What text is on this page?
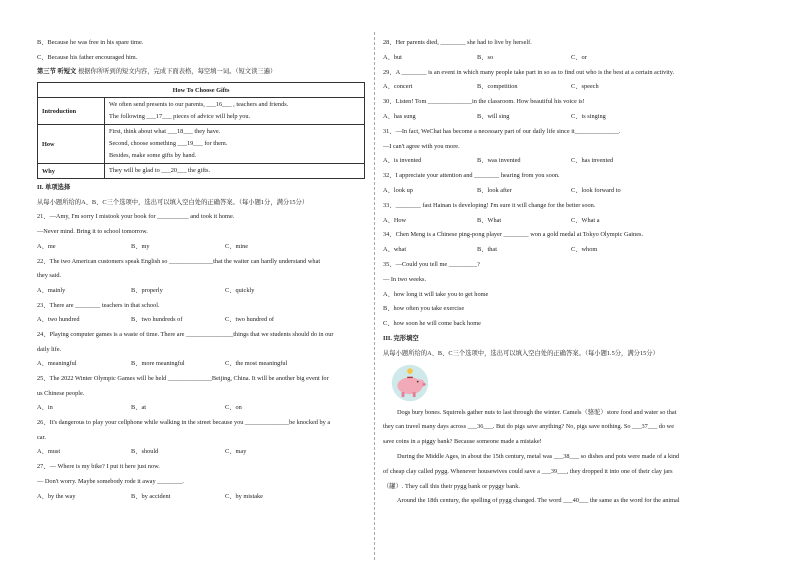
B、Because he was free in his spare time.
C、Because his father encouraged him.
第三节 听短文 根据你所听到的短文内容，完成下面表格，每空填一词。（短文读三遍）
How To Choose Gifts	
Introduction	We often send presents to our parents, ___16___ , teachers and friends.
The following ___17___ pieces of advice will help you.

How	First, think about what ___18___ they have.
Second, choose something ___19___ for them.
Besides, make some gifts by hand.

Why	They will be glad to ___20___ the gifts.
II. 单项选择
从每小题所给的A、B、C三个选项中，选出可以填入空白处的正确答案。（每小题1分，满分15分）
21、—Amy, I'm sorry I mistook your book for __________ and took it home.
—Never mind. Bring it to school tomorrow.
A、me	B、my	C、mine
22、The two American customers speak English so ______________that the waiter can hardly understand what
they said.
A、mainly	B、properly	C、quickly
23、There are ________ teachers in that school.
A、two hundred	B、two hundreds of	C、two hundred of
24、Playing computer games is a waste of time. There are _______________things that we students should do in our
daily life.
A、meaningful	B、more meaningful	C、the most meaningful
25、The 2022 Winter Olympic Games will be held ______________Beijing, China. It will be another big event for
us Chinese people.
A、in	B、at	C、on
26、It's dangerous to play your cellphone while walking in the street because you ______________be knocked by a
car.
A、must	B、should	C、may
27、— Where is my bike? I put it here just now.
— Don't worry. Maybe somebody rode it away ________.
A、by the way	B、by accident	C、by mistake
28、Her parents died, ________ she had to live by herself.
A、but	B、so	C、or
29、A ________ is an event in which many people take part in so as to find out who is the best at a certain activity.
A、concert	B、competition	C、speech
30、Listen! Tom ______________in the classroom. How beautiful his voice is!
A、has sung	B、will sing	C、is singing
31、—In fact, WeChat has become a necessary part of our daily life since it______________.
—I can't agree with you more.
A、is invented	B、was invented	C、has invented
32、I appreciate your attention and ________ hearing from you soon.
A、look up	B、look after	C、look forward to
33、________ fast Hainan is developing! I'm sure it will change for the better soon.
A、How	B、What	C、What a
34、Chen Meng is a Chinese ping-pong player ________ won a gold medal at Tokyo Olympic Gaines.
A、what	B、that	C、whom
35、—Could you tell me _________?
— In two weeks.
A、how long it will take you to get home
B、how often you take exercise
C、how soon he will come back home
III. 完形填空
从每小题所给的A、B、C三个选项中，选出可以填入空白处的正确答案。（每小题1.5分，满分15分）
Dogs bury bones. Squirrels gather nuts to last through the winter. Camels（骆驼）store food and water so that
they can travel many days across ___36___. But do pigs save anything? No, pigs save nothing. So ___37___ do we
save coins in a piggy bank? Because someone made a mistake!
During the Middle Ages, in about the 15th century, metal was ___38___ so dishes and pots were made of a kind
of cheap clay called pygg. Whenever housewives could save a ___39___, they dropped it into one of their clay jars
（罐）. They call this their pygg bank or pyggy bank.
Around the 18th century, the spelling of pygg changed. The word ___40___ the same as the word for the animal
